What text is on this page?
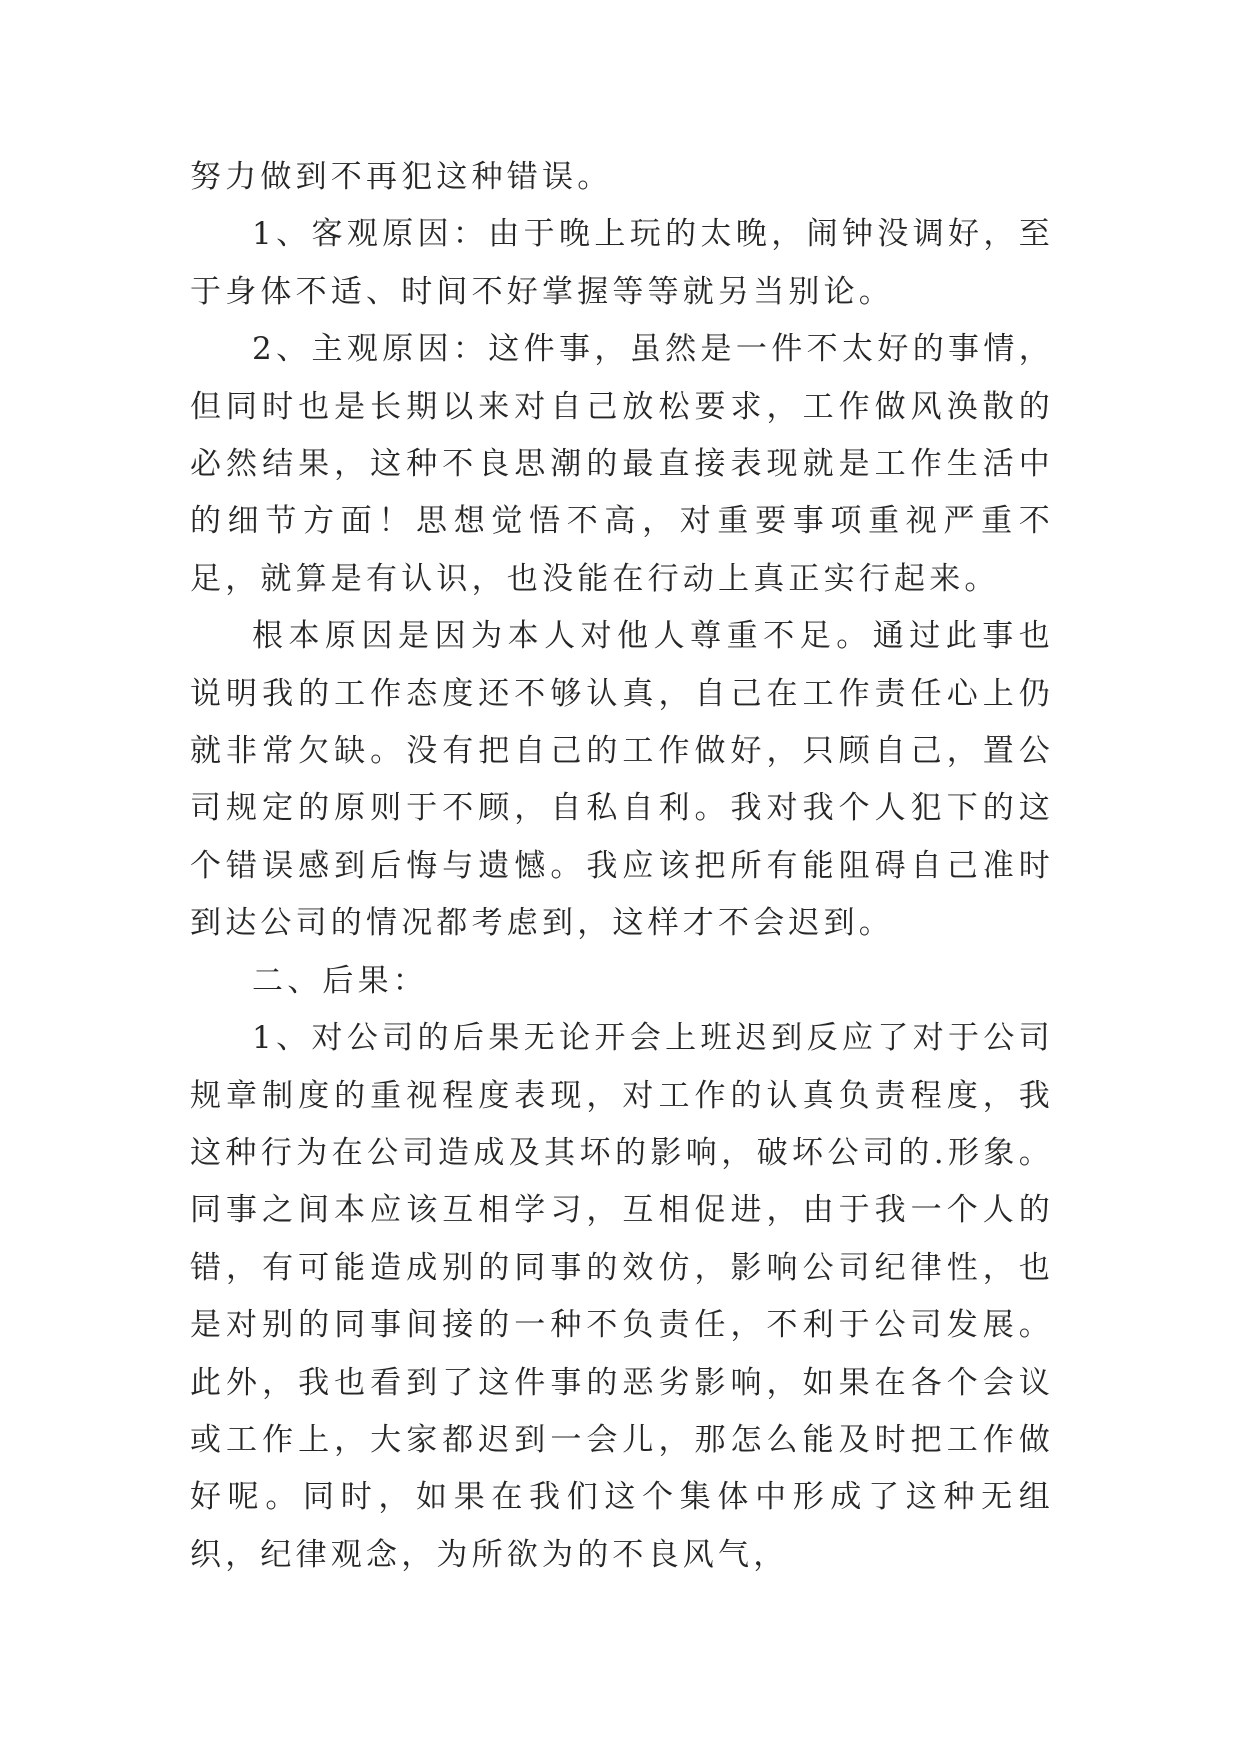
努力做到不再犯这种错误。

1、客观原因：由于晚上玩的太晚，闹钟没调好，至于身体不适、时间不好掌握等等就另当别论。

2、主观原因：这件事，虽然是一件不太好的事情，但同时也是长期以来对自己放松要求，工作做风涣散的必然结果，这种不良思潮的最直接表现就是工作生活中的细节方面！思想觉悟不高，对重要事项重视严重不足，就算是有认识，也没能在行动上真正实行起来。

根本原因是因为本人对他人尊重不足。通过此事也说明我的工作态度还不够认真，自己在工作责任心上仍就非常欠缺。没有把自己的工作做好，只顾自己，置公司规定的原则于不顾，自私自利。我对我个人犯下的这个错误感到后悔与遗憾。我应该把所有能阻碍自己准时到达公司的情况都考虑到，这样才不会迟到。

二、后果：

1、对公司的后果无论开会上班迟到反应了对于公司规章制度的重视程度表现，对工作的认真负责程度，我这种行为在公司造成及其坏的影响，破坏公司的.形象。同事之间本应该互相学习，互相促进，由于我一个人的错，有可能造成别的同事的效仿，影响公司纪律性，也是对别的同事间接的一种不负责任，不利于公司发展。此外，我也看到了这件事的恶劣影响，如果在各个会议或工作上，大家都迟到一会儿，那怎么能及时把工作做好呢。同时，如果在我们这个集体中形成了这种无组织，纪律观念，为所欲为的不良风气，
